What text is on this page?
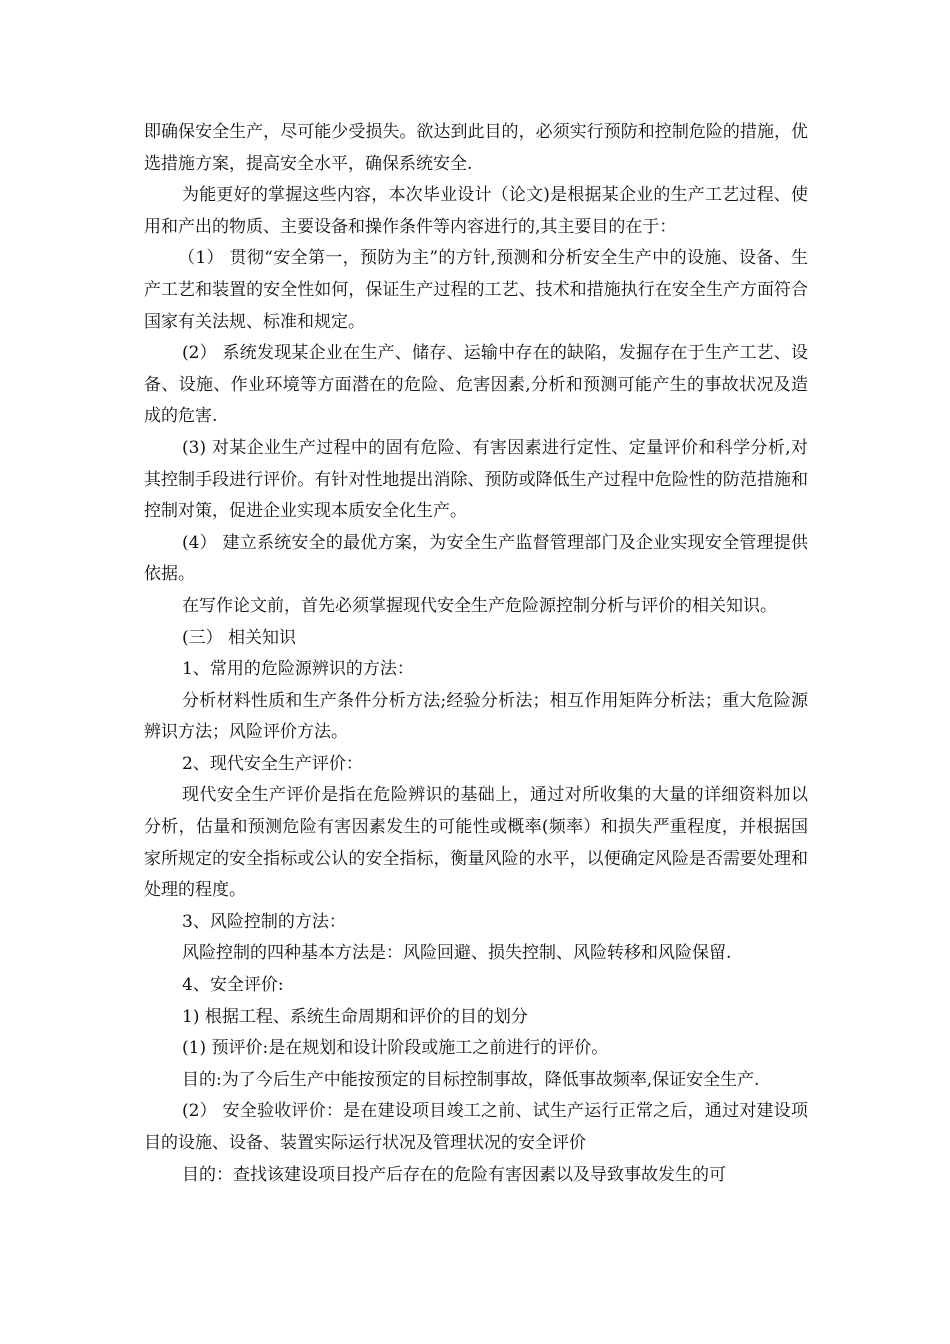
即确保安全生产，尽可能少受损失。欲达到此目的，必须实行预防和控制危险的措施，优选措施方案，提高安全水平，确保系统安全.

为能更好的掌握这些内容，本次毕业设计（论文)是根据某企业的生产工艺过程、使用和产出的物质、主要设备和操作条件等内容进行的,其主要目的在于：

（1） 贯彻“安全第一，预防为主”的方针,预测和分析安全生产中的设施、设备、生产工艺和装置的安全性如何，保证生产过程的工艺、技术和措施执行在安全生产方面符合国家有关法规、标准和规定。

(2） 系统发现某企业在生产、储存、运输中存在的缺陷，发掘存在于生产工艺、设备、设施、作业环境等方面潜在的危险、危害因素,分析和预测可能产生的事故状况及造成的危害.

(3) 对某企业生产过程中的固有危险、有害因素进行定性、定量评价和科学分析,对其控制手段进行评价。有针对性地提出消除、预防或降低生产过程中危险性的防范措施和控制对策，促进企业实现本质安全化生产。

(4） 建立系统安全的最优方案，为安全生产监督管理部门及企业实现安全管理提供依据。

在写作论文前，首先必须掌握现代安全生产危险源控制分析与评价的相关知识。

(三） 相关知识

1、常用的危险源辨识的方法：

分析材料性质和生产条件分析方法;经验分析法；相互作用矩阵分析法；重大危险源辨识方法；风险评价方法。

2、现代安全生产评价：

现代安全生产评价是指在危险辨识的基础上，通过对所收集的大量的详细资料加以分析，估量和预测危险有害因素发生的可能性或概率(频率）和损失严重程度，并根据国家所规定的安全指标或公认的安全指标，衡量风险的水平，以便确定风险是否需要处理和处理的程度。

3、风险控制的方法：

风险控制的四种基本方法是：风险回避、损失控制、风险转移和风险保留.

4、安全评价:

1) 根据工程、系统生命周期和评价的目的划分

(1) 预评价:是在规划和设计阶段或施工之前进行的评价。

目的:为了今后生产中能按预定的目标控制事故，降低事故频率,保证安全生产.

(2） 安全验收评价：是在建设项目竣工之前、试生产运行正常之后，通过对建设项目的设施、设备、装置实际运行状况及管理状况的安全评价

目的：查找该建设项目投产后存在的危险有害因素以及导致事故发生的可
